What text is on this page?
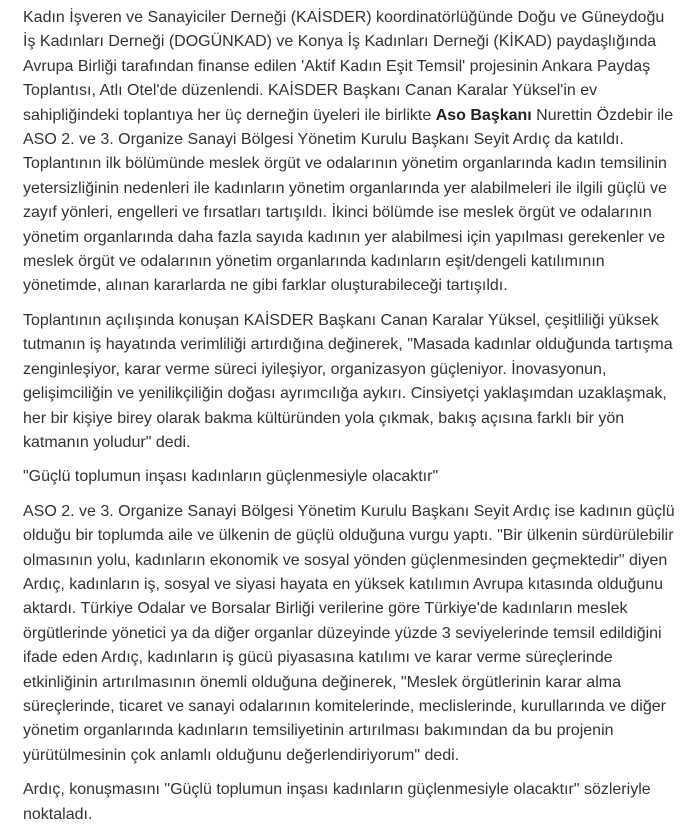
Kadın İşveren ve Sanayiciler Derneği (KAİSDER) koordinatörlüğünde Doğu ve Güneydoğu İş Kadınları Derneği (DOGÜNKAD) ve Konya İş Kadınları Derneği (KİKAD) paydaşlığında Avrupa Birliği tarafından finanse edilen 'Aktif Kadın Eşit Temsil' projesinin Ankara Paydaş Toplantısı, Atlı Otel'de düzenlendi. KAİSDER Başkanı Canan Karalar Yüksel'in ev sahipliğindeki toplantıya her üç derneğin üyeleri ile birlikte Aso Başkanı Nurettin Özdebir ile ASO 2. ve 3. Organize Sanayi Bölgesi Yönetim Kurulu Başkanı Seyit Ardıç da katıldı. Toplantının ilk bölümünde meslek örgüt ve odalarının yönetim organlarında kadın temsilinin yetersizliğinin nedenleri ile kadınların yönetim organlarında yer alabilmeleri ile ilgili güçlü ve zayıf yönleri, engelleri ve fırsatları tartışıldı. İkinci bölümde ise meslek örgüt ve odalarının yönetim organlarında daha fazla sayıda kadının yer alabilmesi için yapılması gerekenler ve meslek örgüt ve odalarının yönetim organlarında kadınların eşit/dengeli katılımının yönetimde, alınan kararlarda ne gibi farklar oluşturabileceği tartışıldı.

Toplantının açılışında konuşan KAİSDER Başkanı Canan Karalar Yüksel, çeşitliliği yüksek tutmanın iş hayatında verimliliği artırdığına değinerek, "Masada kadınlar olduğunda tartışma zenginleşiyor, karar verme süreci iyileşiyor, organizasyon güçleniyor. İnovasyonun, gelişimciliğin ve yenilikçiliğin doğası ayrımcılığa aykırı. Cinsiyetçi yaklaşımdan uzaklaşmak, her bir kişiye birey olarak bakma kültüründen yola çıkmak, bakış açısına farklı bir yön katmanın yoludur" dedi.

"Güçlü toplumun inşası kadınların güçlenmesiyle olacaktır"

ASO 2. ve 3. Organize Sanayi Bölgesi Yönetim Kurulu Başkanı Seyit Ardıç ise kadının güçlü olduğu bir toplumda aile ve ülkenin de güçlü olduğuna vurgu yaptı. "Bir ülkenin sürdürülebilir olmasının yolu, kadınların ekonomik ve sosyal yönden güçlenmesinden geçmektedir" diyen Ardıç, kadınların iş, sosyal ve siyasi hayata en yüksek katılımın Avrupa kıtasında olduğunu aktardı. Türkiye Odalar ve Borsalar Birliği verilerine göre Türkiye'de kadınların meslek örgütlerinde yönetici ya da diğer organlar düzeyinde yüzde 3 seviyelerinde temsil edildiğini ifade eden Ardıç, kadınların iş gücü piyasasına katılımı ve karar verme süreçlerinde etkinliğinin artırılmasının önemli olduğuna değinerek, "Meslek örgütlerinin karar alma süreçlerinde, ticaret ve sanayi odalarının komitelerinde, meclislerinde, kurullarında ve diğer yönetim organlarında kadınların temsiliyetinin artırılması bakımından da bu projenin yürütülmesinin çok anlamlı olduğunu değerlendiriyorum" dedi.

Ardıç, konuşmasını "Güçlü toplumun inşası kadınların güçlenmesiyle olacaktır" sözleriyle noktaladı.
